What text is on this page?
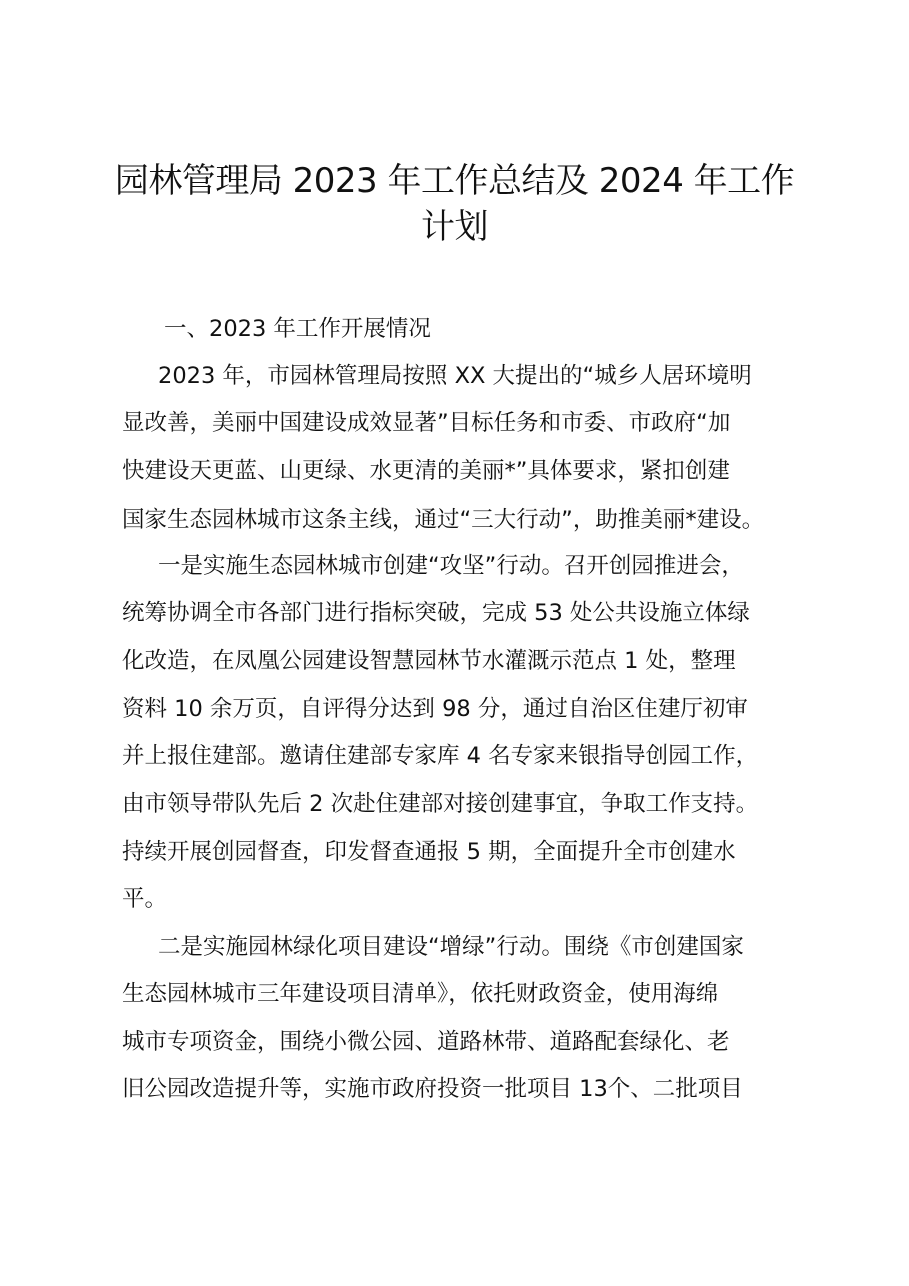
园林管理局 2023 年工作总结及 2024 年工作
计划
一、2023 年工作开展情况
2023 年，市园林管理局按照 XX 大提出的“城乡人居环境明
显改善，美丽中国建设成效显著”目标任务和市委、市政府“加
快建设天更蓝、山更绿、水更清的美丽*”具体要求，紧扣创建
国家生态园林城市这条主线，通过“三大行动”，助推美丽*建设。
一是实施生态园林城市创建“攻坚”行动。召开创园推进会，
统筹协调全市各部门进行指标突破，完成 53 处公共设施立体绿
化改造，在凤凰公园建设智慧园林节水灌溉示范点 1 处，整理
资料 10 余万页，自评得分达到 98 分，通过自治区住建厅初审
并上报住建部。邀请住建部专家库 4 名专家来银指导创园工作，
由市领导带队先后 2 次赴住建部对接创建事宜，争取工作支持。
持续开展创园督查，印发督查通报 5 期，全面提升全市创建水
平。
二是实施园林绿化项目建设“增绿”行动。围绕《市创建国家
生态园林城市三年建设项目清单》，依托财政资金，使用海绵
城市专项资金，围绕小微公园、道路林带、道路配套绿化、老
旧公园改造提升等，实施市政府投资一批项目 13个、二批项目
